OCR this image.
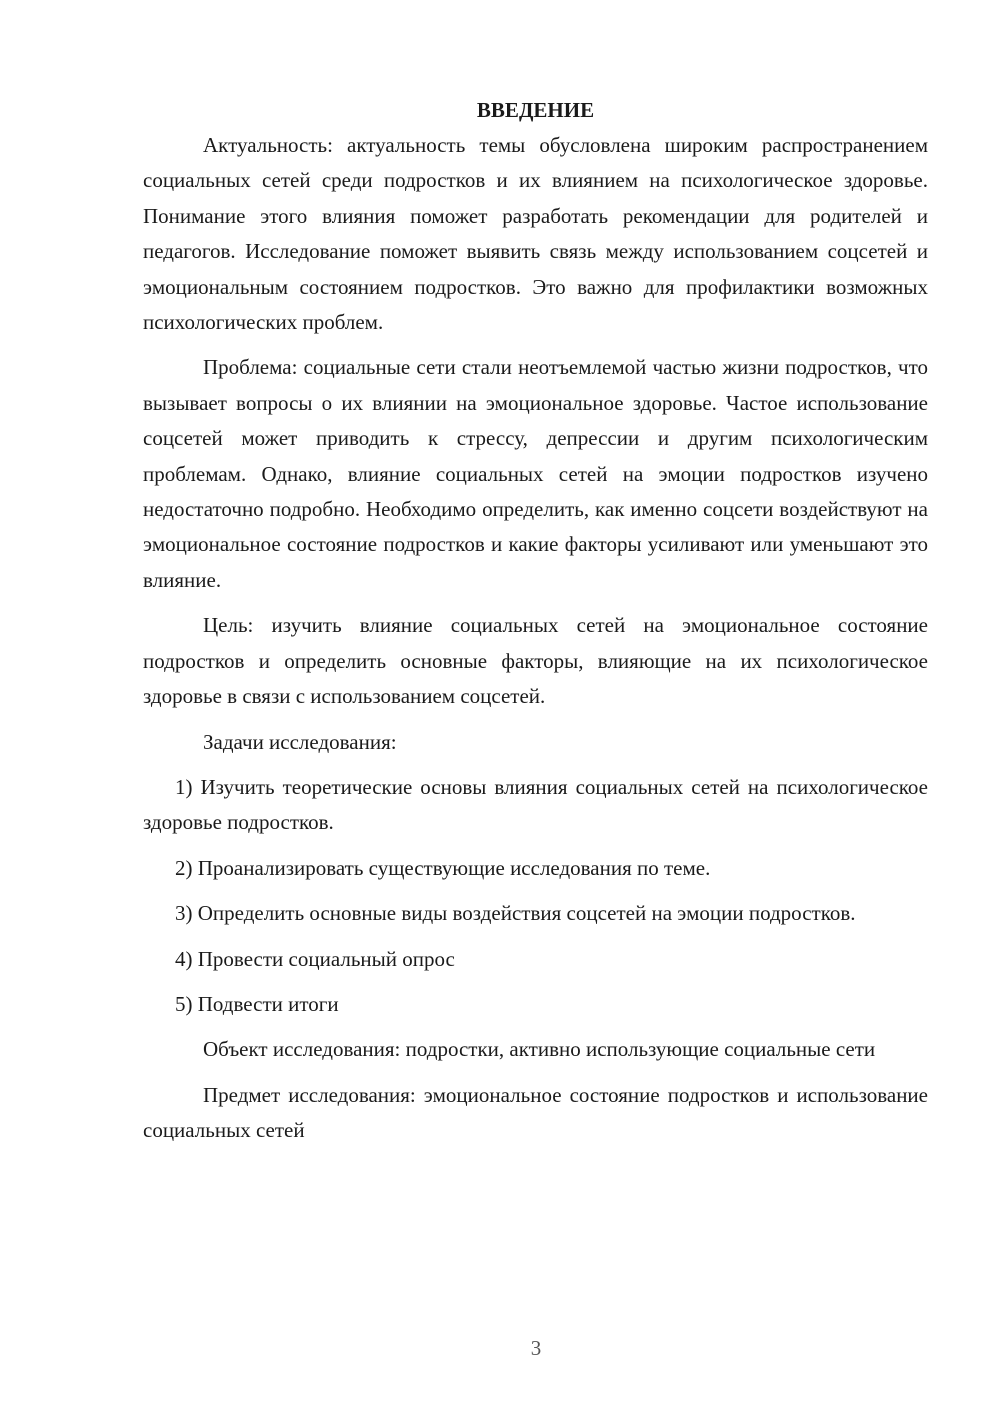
ВВЕДЕНИЕ

Актуальность: актуальность темы обусловлена широким распространением социальных сетей среди подростков и их влиянием на психологическое здоровье. Понимание этого влияния поможет разработать рекомендации для родителей и педагогов. Исследование поможет выявить связь между использованием соцсетей и эмоциональным состоянием подростков. Это важно для профилактики возможных психологических проблем.

Проблема: социальные сети стали неотъемлемой частью жизни подростков, что вызывает вопросы о их влиянии на эмоциональное здоровье. Частое использование соцсетей может приводить к стрессу, депрессии и другим психологическим проблемам. Однако, влияние социальных сетей на эмоции подростков изучено недостаточно подробно. Необходимо определить, как именно соцсети воздействуют на эмоциональное состояние подростков и какие факторы усиливают или уменьшают это влияние.

Цель: изучить влияние социальных сетей на эмоциональное состояние подростков и определить основные факторы, влияющие на их психологическое здоровье в связи с использованием соцсетей.

Задачи исследования:

1) Изучить теоретические основы влияния социальных сетей на психологическое здоровье подростков.

2) Проанализировать существующие исследования по теме.

3) Определить основные виды воздействия соцсетей на эмоции подростков.

4) Провести социальный опрос

5) Подвести итоги

Объект исследования: подростки, активно использующие социальные сети

Предмет исследования: эмоциональное состояние подростков и использование социальных сетей

3
